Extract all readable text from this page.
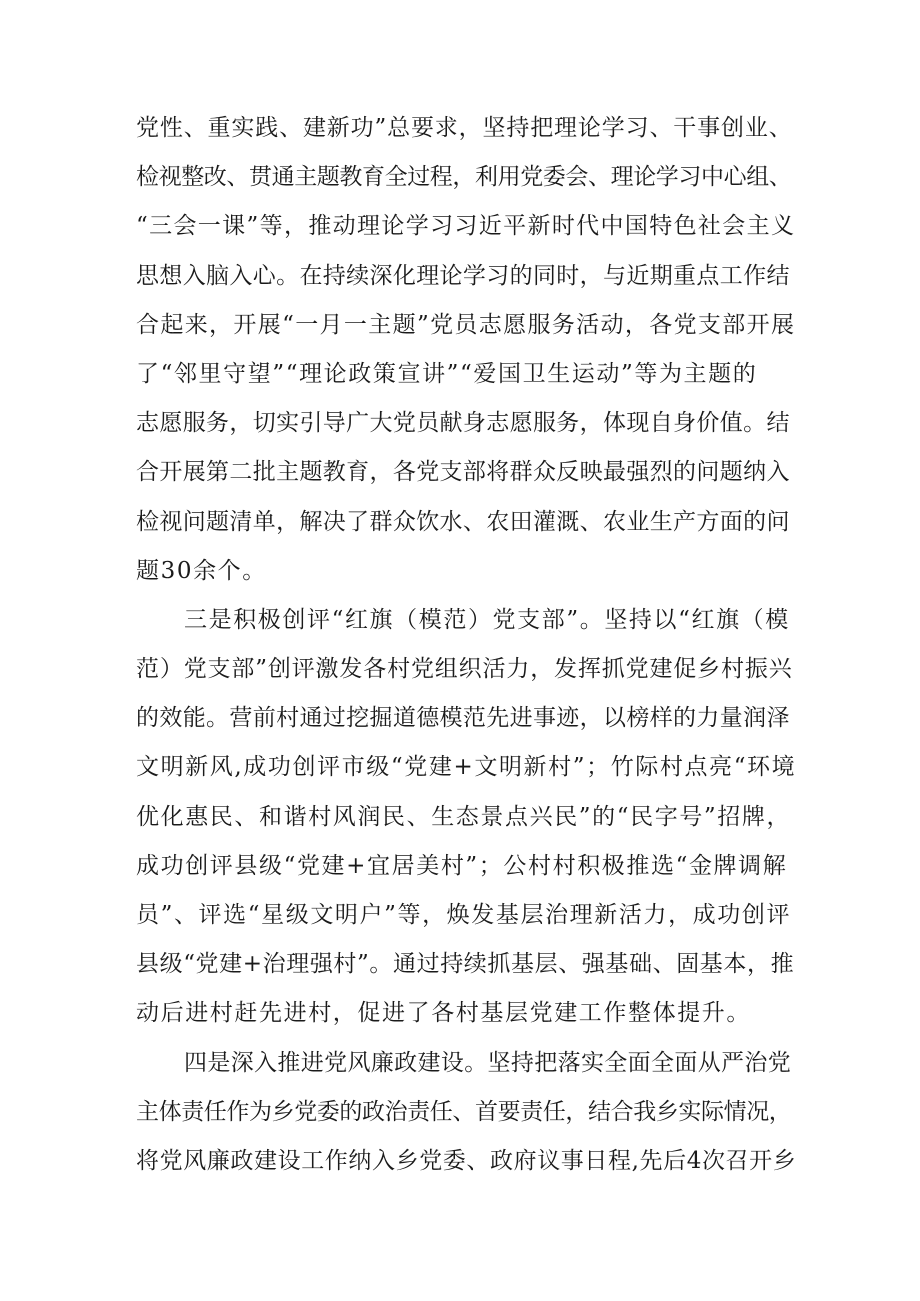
党性、重实践、建新功”总要求，坚持把理论学习、干事创业、
检视整改、贯通主题教育全过程，利用党委会、理论学习中心组、
“三会一课”等，推动理论学习习近平新时代中国特色社会主义
思想入脑入心。在持续深化理论学习的同时，与近期重点工作结
合起来，开展“一月一主题”党员志愿服务活动，各党支部开展
了“邻里守望”“理论政策宣讲”“爱国卫生运动”等为主题的
志愿服务，切实引导广大党员献身志愿服务，体现自身价值。结
合开展第二批主题教育，各党支部将群众反映最强烈的问题纳入
检视问题清单，解决了群众饮水、农田灌溉、农业生产方面的问
题30余个。
三是积极创评“红旗（模范）党支部”。坚持以“红旗（模
范）党支部”创评激发各村党组织活力，发挥抓党建促乡村振兴
的效能。营前村通过挖掘道德模范先进事迹，以榜样的力量润泽
文明新风,成功创评市级“党建+文明新村”；竹际村点亮“环境
优化惠民、和谐村风润民、生态景点兴民”的“民字号”招牌，
成功创评县级“党建+宜居美村”；公村村积极推选“金牌调解
员”、评选“星级文明户”等，焕发基层治理新活力，成功创评
县级“党建+治理强村”。通过持续抓基层、强基础、固基本，推
动后进村赶先进村，促进了各村基层党建工作整体提升。
四是深入推进党风廉政建设。坚持把落实全面全面从严治党
主体责任作为乡党委的政治责任、首要责任，结合我乡实际情况，
将党风廉政建设工作纳入乡党委、政府议事日程,先后4次召开乡
